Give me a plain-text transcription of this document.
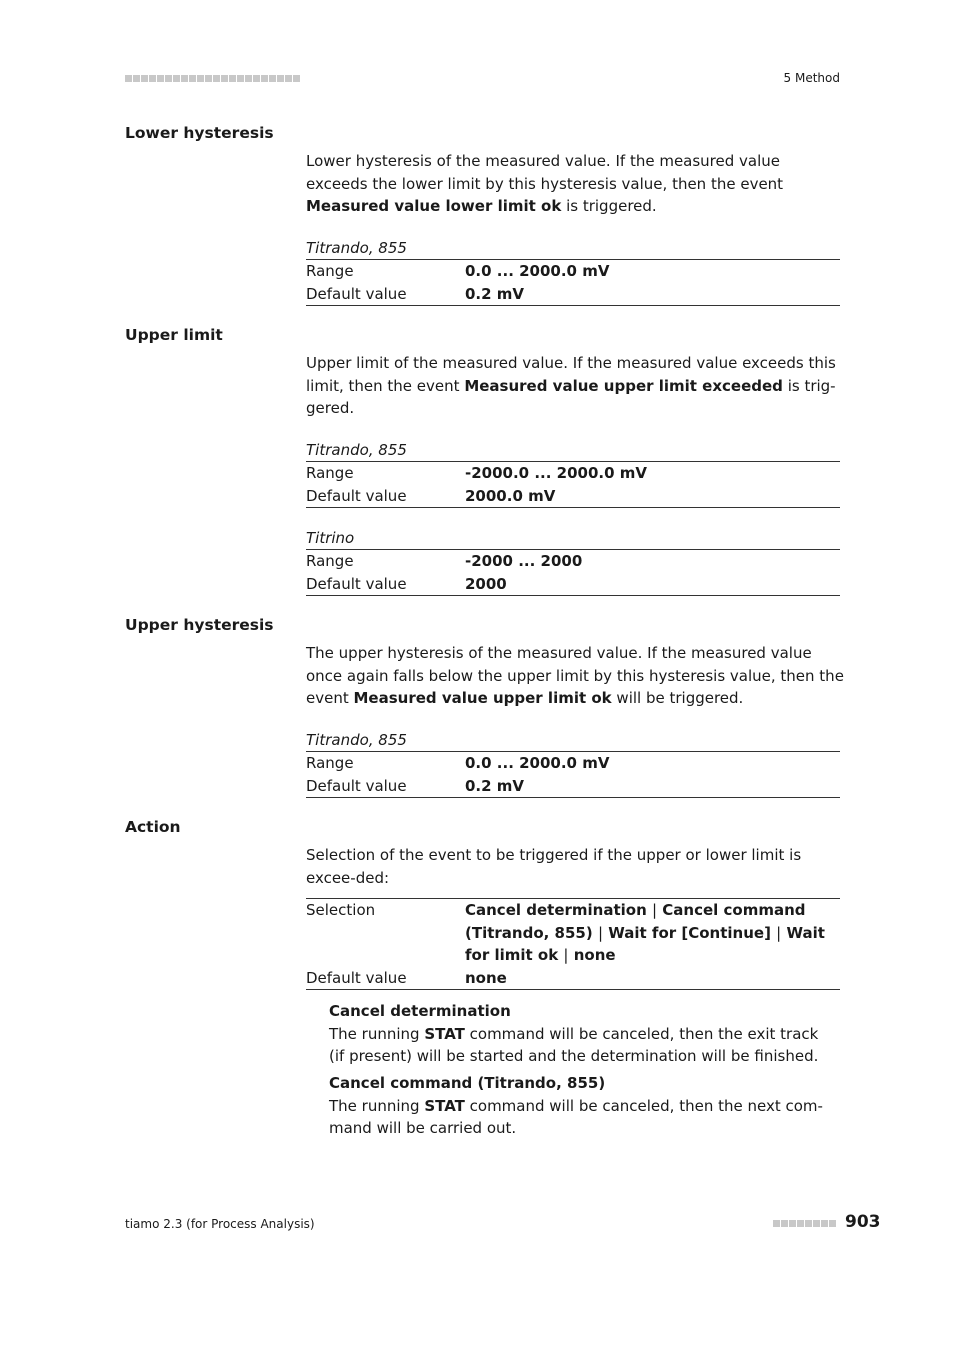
5 Method
Lower hysteresis
Lower hysteresis of the measured value. If the measured value exceeds the lower limit by this hysteresis value, then the event Measured value lower limit ok is triggered.
Titrando, 855
Range	0.0 ... 2000.0 mV
Default value	0.2 mV
Upper limit
Upper limit of the measured value. If the measured value exceeds this limit, then the event Measured value upper limit exceeded is trig-gered.
Titrando, 855
Range	-2000.0 ... 2000.0 mV
Default value	2000.0 mV
Titrino
Range	-2000 ... 2000
Default value	2000
Upper hysteresis
The upper hysteresis of the measured value. If the measured value once again falls below the upper limit by this hysteresis value, then the event Measured value upper limit ok will be triggered.
Titrando, 855
Range	0.0 ... 2000.0 mV
Default value	0.2 mV
Action
Selection of the event to be triggered if the upper or lower limit is excee-ded:
Selection	Cancel determination | Cancel command (Titrando, 855) | Wait for [Continue] | Wait for limit ok | none
Default value	none
Cancel determination
The running STAT command will be canceled, then the exit track (if present) will be started and the determination will be finished.
Cancel command (Titrando, 855)
The running STAT command will be canceled, then the next com-mand will be carried out.
tiamo 2.3 (for Process Analysis)	903
